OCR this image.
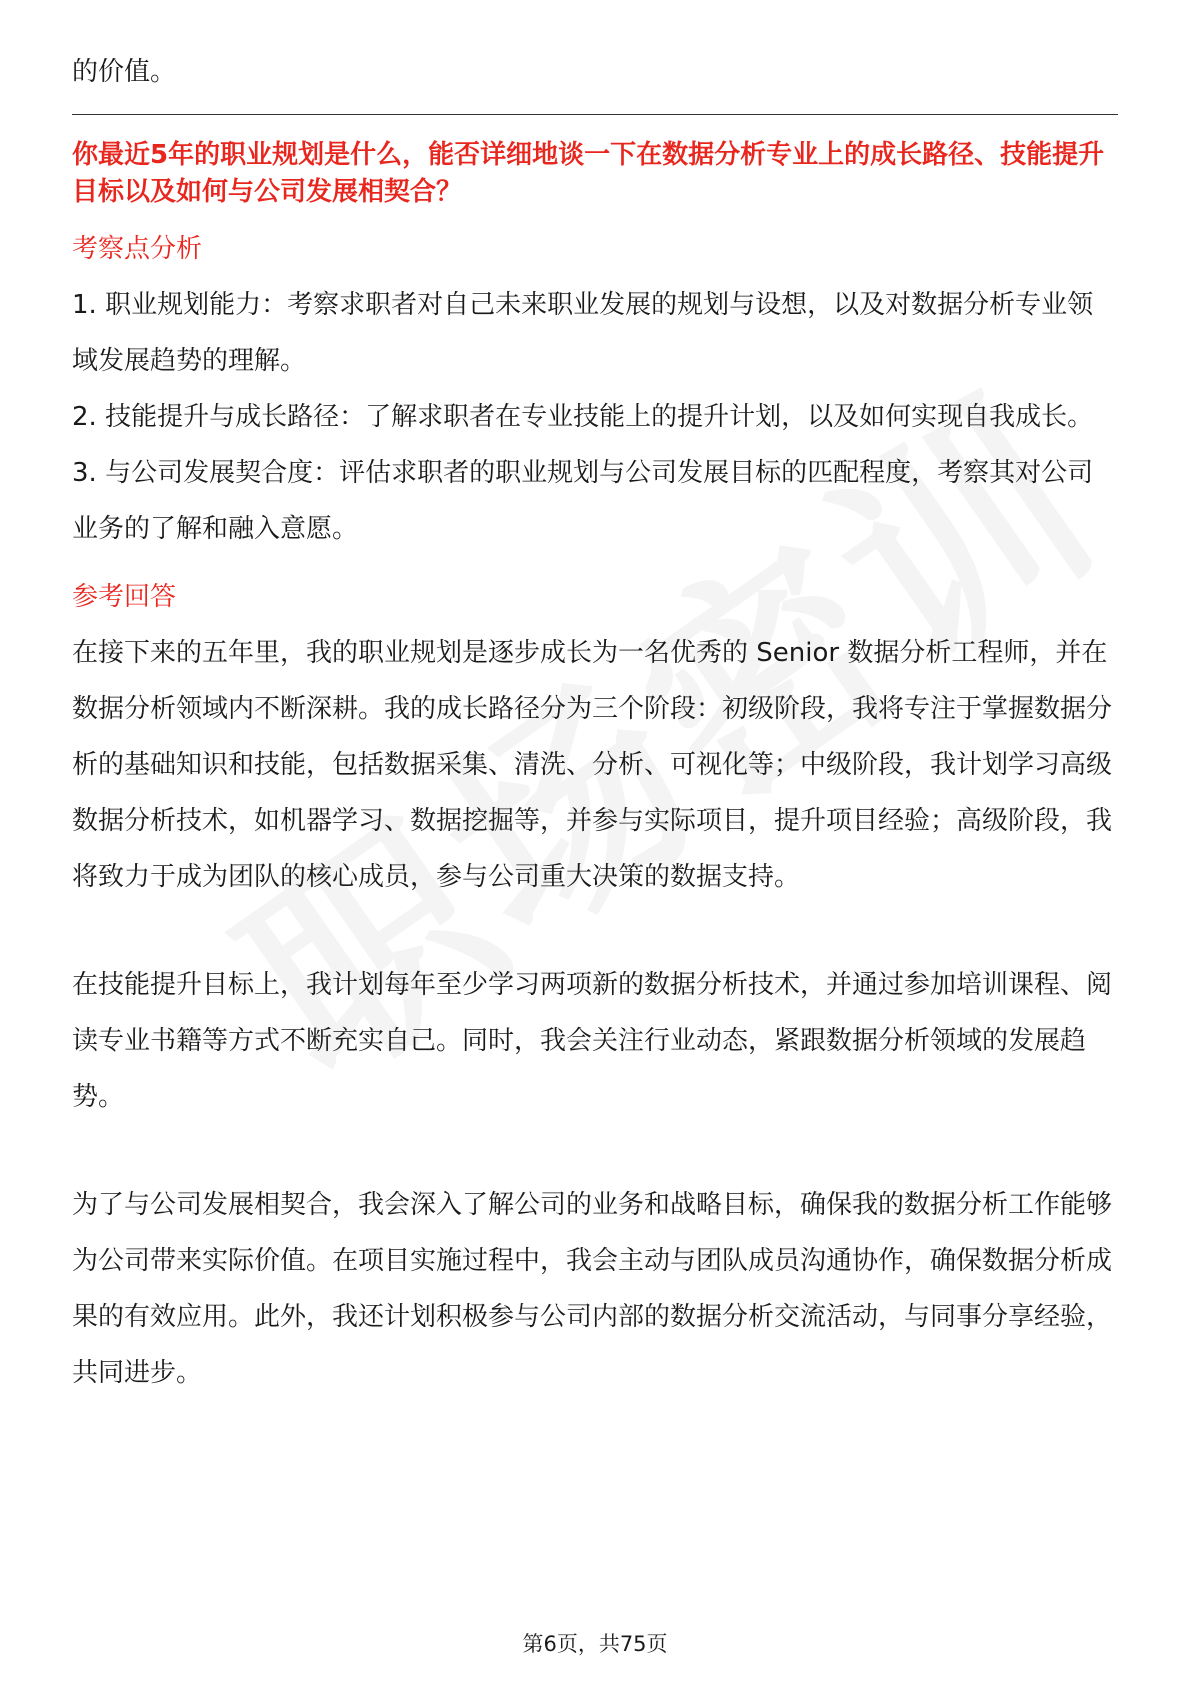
的价值。

你最近5年的职业规划是什么，能否详细地谈一下在数据分析专业上的成长路径、技能提升目标以及如何与公司发展相契合？

考察点分析

1. 职业规划能力：考察求职者对自己未来职业发展的规划与设想，以及对数据分析专业领域发展趋势的理解。

2. 技能提升与成长路径：了解求职者在专业技能上的提升计划，以及如何实现自我成长。

3. 与公司发展契合度：评估求职者的职业规划与公司发展目标的匹配程度，考察其对公司业务的了解和融入意愿。

参考回答

在接下来的五年里，我的职业规划是逐步成长为一名优秀的 Senior 数据分析工程师，并在数据分析领域内不断深耕。我的成长路径分为三个阶段：初级阶段，我将专注于掌握数据分析的基础知识和技能，包括数据采集、清洗、分析、可视化等；中级阶段，我计划学习高级数据分析技术，如机器学习、数据挖掘等，并参与实际项目，提升项目经验；高级阶段，我将致力于成为团队的核心成员，参与公司重大决策的数据支持。

在技能提升目标上，我计划每年至少学习两项新的数据分析技术，并通过参加培训课程、阅读专业书籍等方式不断充实自己。同时，我会关注行业动态，紧跟数据分析领域的发展趋势。

为了与公司发展相契合，我会深入了解公司的业务和战略目标，确保我的数据分析工作能够为公司带来实际价值。在项目实施过程中，我会主动与团队成员沟通协作，确保数据分析成果的有效应用。此外，我还计划积极参与公司内部的数据分析交流活动，与同事分享经验，共同进步。

第6页，共75页
